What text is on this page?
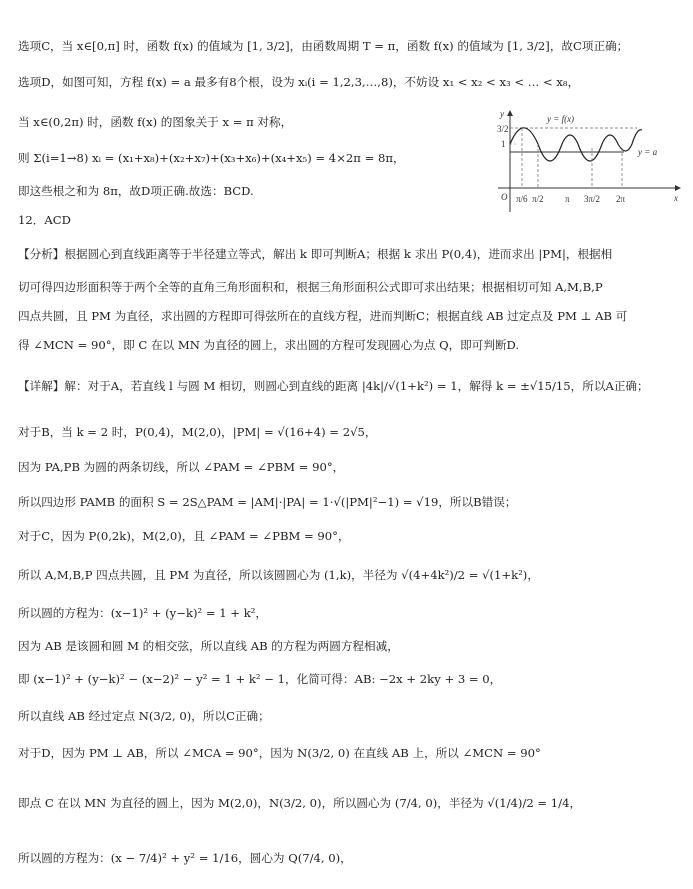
选项C，当 x∈[0,π] 时，函数 f(x) 的值域为 [1, 3/2]，由函数周期 T = π，函数 f(x) 的值域为 [1, 3/2]，故C项正确；
选项D，如图可知，方程 f(x) = a 最多有8个根，设为 xᵢ(i = 1,2,3,…,8)，不妨设 x₁ < x₂ < x₃ < … < x₈，
当 x∈(0,2π) 时，函数 f(x) 的图象关于 x = π 对称，
则 Σ(i=1→8) xᵢ = (x₁+x₈)+(x₂+x₇)+(x₃+x₆)+(x₄+x₅) = 4×2π = 8π，
即这些根之和为 8π，故D项正确.故选：BCD.
12．ACD
【分析】根据圆心到直线距离等于半径建立等式，解出 k 即可判断A；根据 k 求出 P(0,4)，进而求出 |PM|，根据相
切可得四边形面积等于两个全等的直角三角形面积和，根据三角形面积公式即可求出结果；根据相切可知 A,M,B,P
四点共圆，且 PM 为直径，求出圆的方程即可得弦所在的直线方程，进而判断C；根据直线 AB 过定点及 PM ⊥ AB 可
得 ∠MCN = 90°，即 C 在以 MN 为直径的圆上，求出圆的方程可发现圆心为点 Q，即可判断D.
【详解】解：对于A，若直线 l 与圆 M 相切，则圆心到直线的距离 |4k|/√(1+k²) = 1，解得 k = ±√15/15，所以A正确；
对于B，当 k = 2 时，P(0,4)，M(2,0)，|PM| = √(16+4) = 2√5，
因为 PA,PB 为圆的两条切线，所以 ∠PAM = ∠PBM = 90°，
所以四边形 PAMB 的面积 S = 2S△PAM = |AM|·|PA| = 1·√(|PM|²−1) = √19，所以B错误；
对于C，因为 P(0,2k)，M(2,0)，且 ∠PAM = ∠PBM = 90°，
所以 A,M,B,P 四点共圆，且 PM 为直径，所以该圆圆心为 (1,k)，半径为 √(4+4k²)/2 = √(1+k²)，
所以圆的方程为：(x−1)² + (y−k)² = 1 + k²，
因为 AB 是该圆和圆 M 的相交弦，所以直线 AB 的方程为两圆方程相减，
即 (x−1)² + (y−k)² − (x−2)² − y² = 1 + k² − 1，化简可得：AB: −2x + 2ky + 3 = 0，
所以直线 AB 经过定点 N(3/2, 0)，所以C正确；
对于D，因为 PM ⊥ AB，所以 ∠MCA = 90°，因为 N(3/2, 0) 在直线 AB 上，所以 ∠MCN = 90°
即点 C 在以 MN 为直径的圆上，因为 M(2,0)，N(3/2, 0)，所以圆心为 (7/4, 0)，半径为 √(1/4)/2 = 1/4，
所以圆的方程为：(x − 7/4)² + y² = 1/16，圆心为 Q(7/4, 0)，
y
x
O
y = f(x)
y = a
3/2
1
π/6 π/2 π 3π/2 2π
